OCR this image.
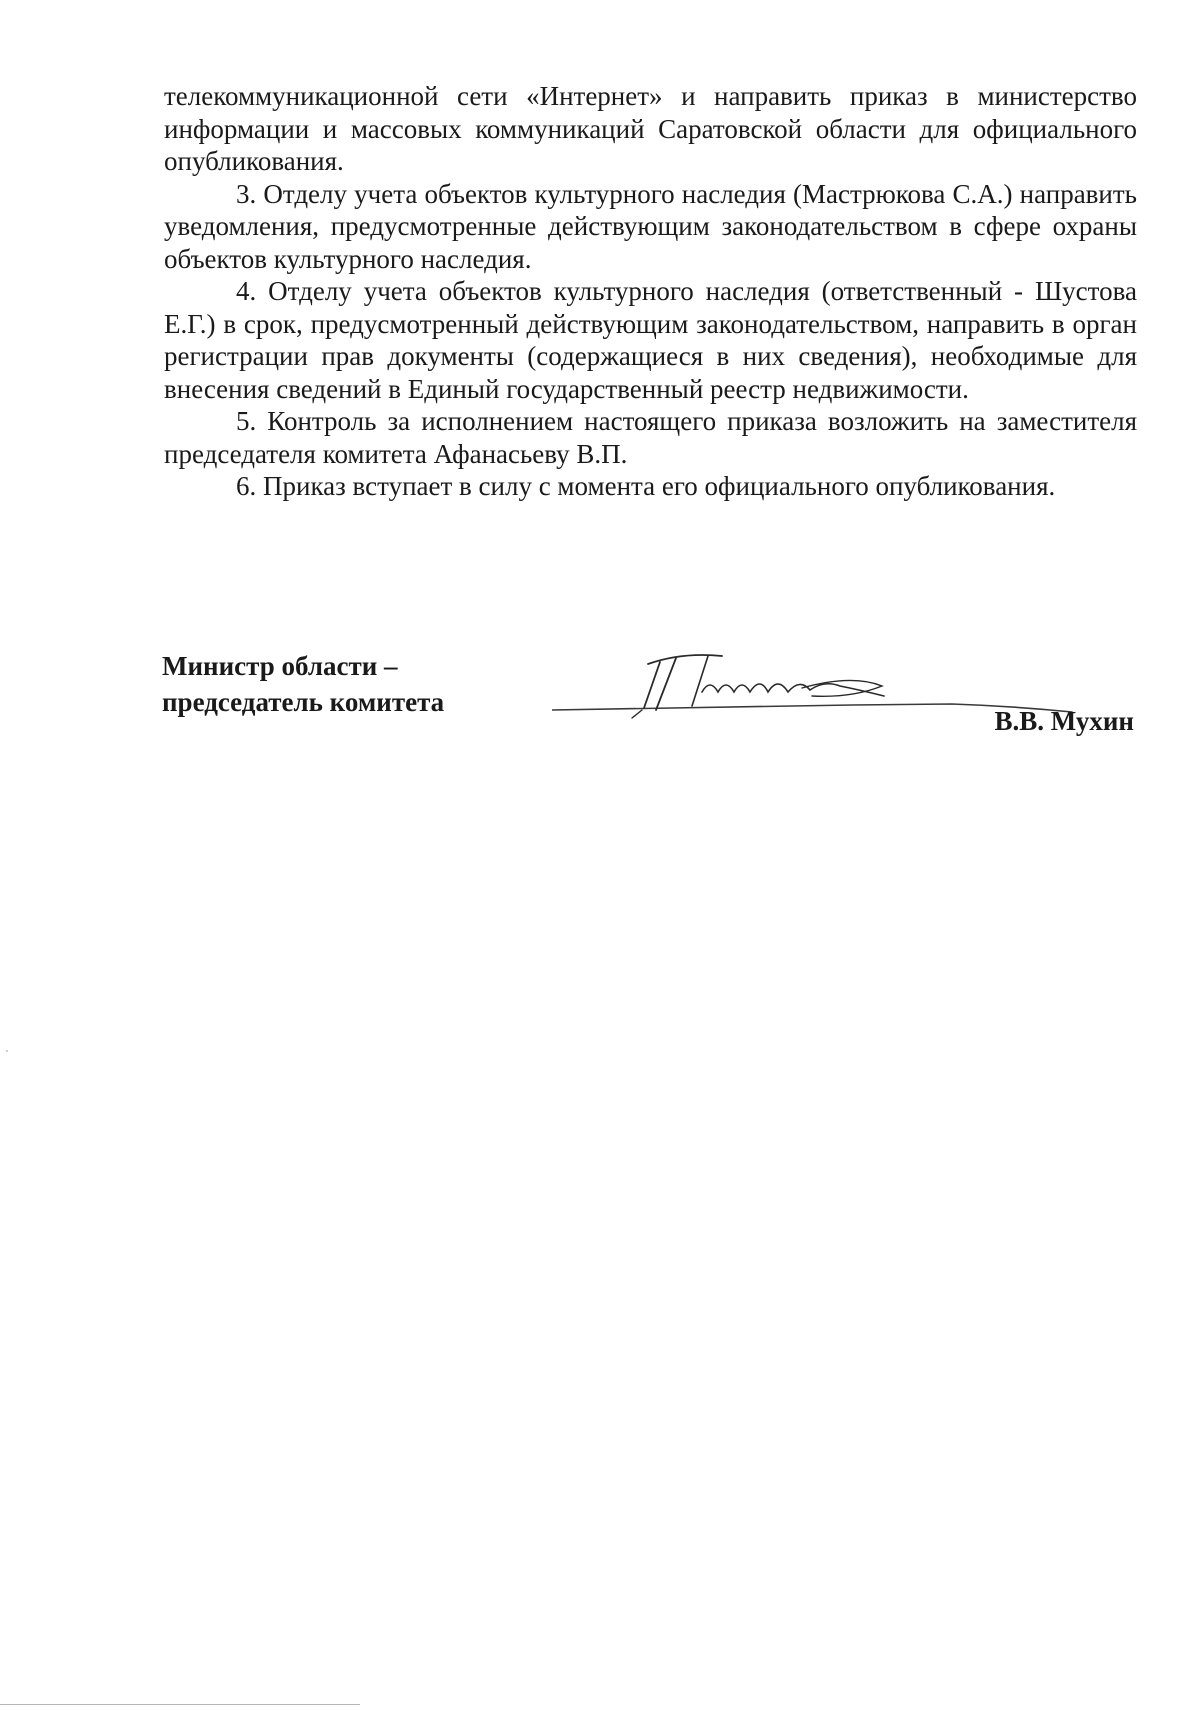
телекоммуникационной сети «Интернет» и направить приказ в министерство информации и массовых коммуникаций Саратовской области для официального опубликования.

3. Отделу учета объектов культурного наследия (Мастрюкова С.А.) направить уведомления, предусмотренные действующим законодательством в сфере охраны объектов культурного наследия.

4. Отделу учета объектов культурного наследия (ответственный - Шустова Е.Г.) в срок, предусмотренный действующим законодательством, направить в орган регистрации прав документы (содержащиеся в них сведения), необходимые для внесения сведений в Единый государственный реестр недвижимости.

5. Контроль за исполнением настоящего приказа возложить на заместителя председателя комитета Афанасьеву В.П.

6. Приказ вступает в силу с момента его официального опубликования.

Министр области –
председатель комитета
В.В. Мухин
